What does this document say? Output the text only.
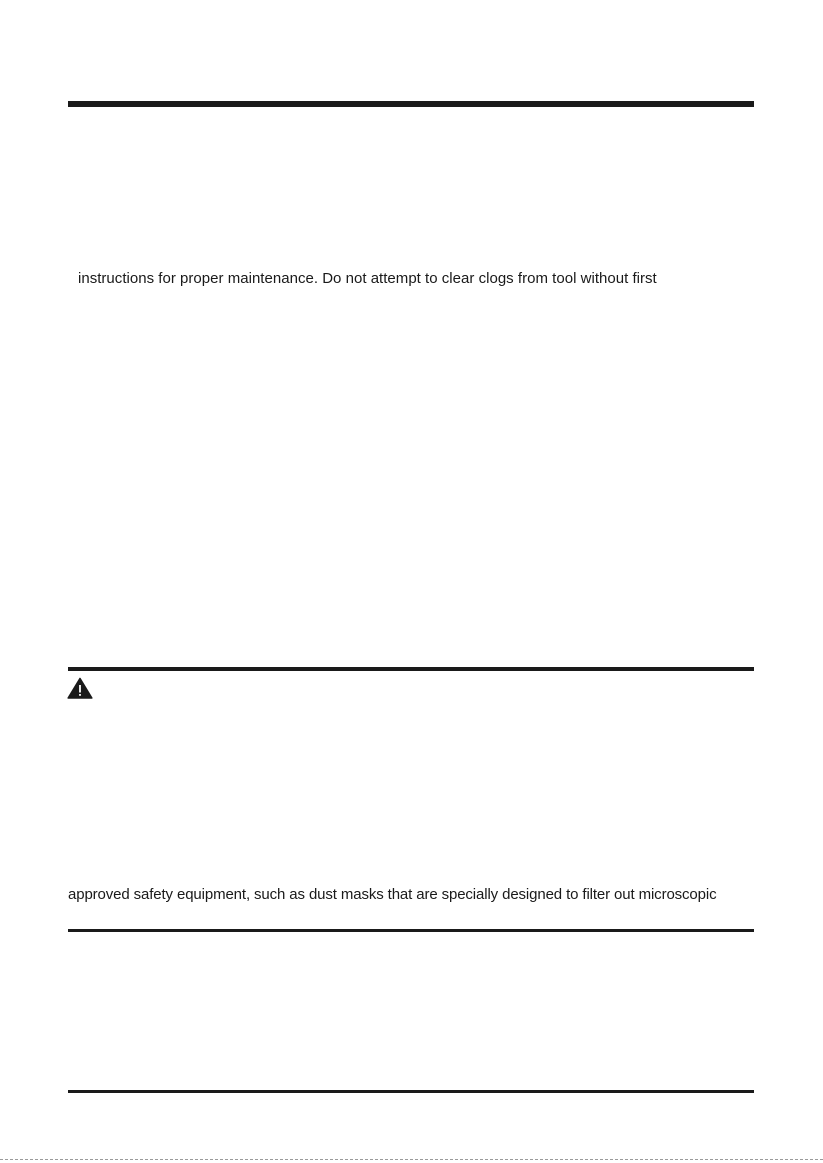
instructions for proper maintenance. Do not attempt to clear clogs from tool without first

approved safety equipment, such as dust masks that are specially designed to filter out microscopic
